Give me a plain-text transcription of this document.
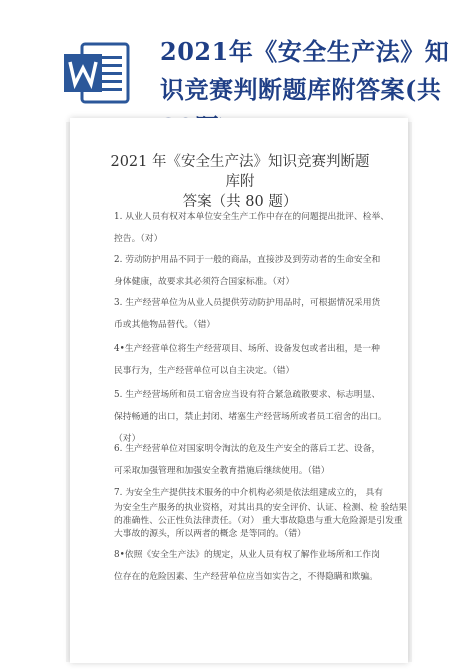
2021年《安全生产法》知
识竞赛判断题库附答案(共
2021 年《安全生产法》知识竞赛判断题库附
答案（共 80 题）
1. 从业人员有权对本单位安全生产工作中存在的问题提出批评、检举、
控告。（对）
2. 劳动防护用品不同于一般的商品，直接涉及到劳动者的生命安全和
身体健康，故要求其必须符合国家标准。（对）
3. 生产经营单位为从业人员提供劳动防护用品时，可根据情况采用货
币或其他物品替代。（错）
4•生产经营单位将生产经营项目、场所、设备发包或者出租，是一种
民事行为，生产经营单位可以自主决定。（错）
5. 生产经营场所和员工宿舍应当设有符合紧急疏散要求、标志明显、
保持畅通的出口，禁止封闭、堵塞生产经营场所或者员工宿舍的出口。
（对）
6. 生产经营单位对国家明令淘汰的危及生产安全的落后工艺、设备，
可采取加强管理和加强安全教育措施后继续使用。（错）
7. 为安全生产提供技术服务的中介机构必须是依法组建成立的， 具有
为安全生产服务的执业资格，对其出具的安全评价、认证、检测、检 验结果
的准确性、公正性负法律责任。（对） 重大事故隐患与重大危险源是引发重
大事故的源头，所以两者的概念 是等同的。（错）
8•依照《安全生产法》的规定，从业人员有权了解作业场所和工作岗
位存在的危险因素、生产经营单位应当如实告之，不得隐瞒和欺骗。
